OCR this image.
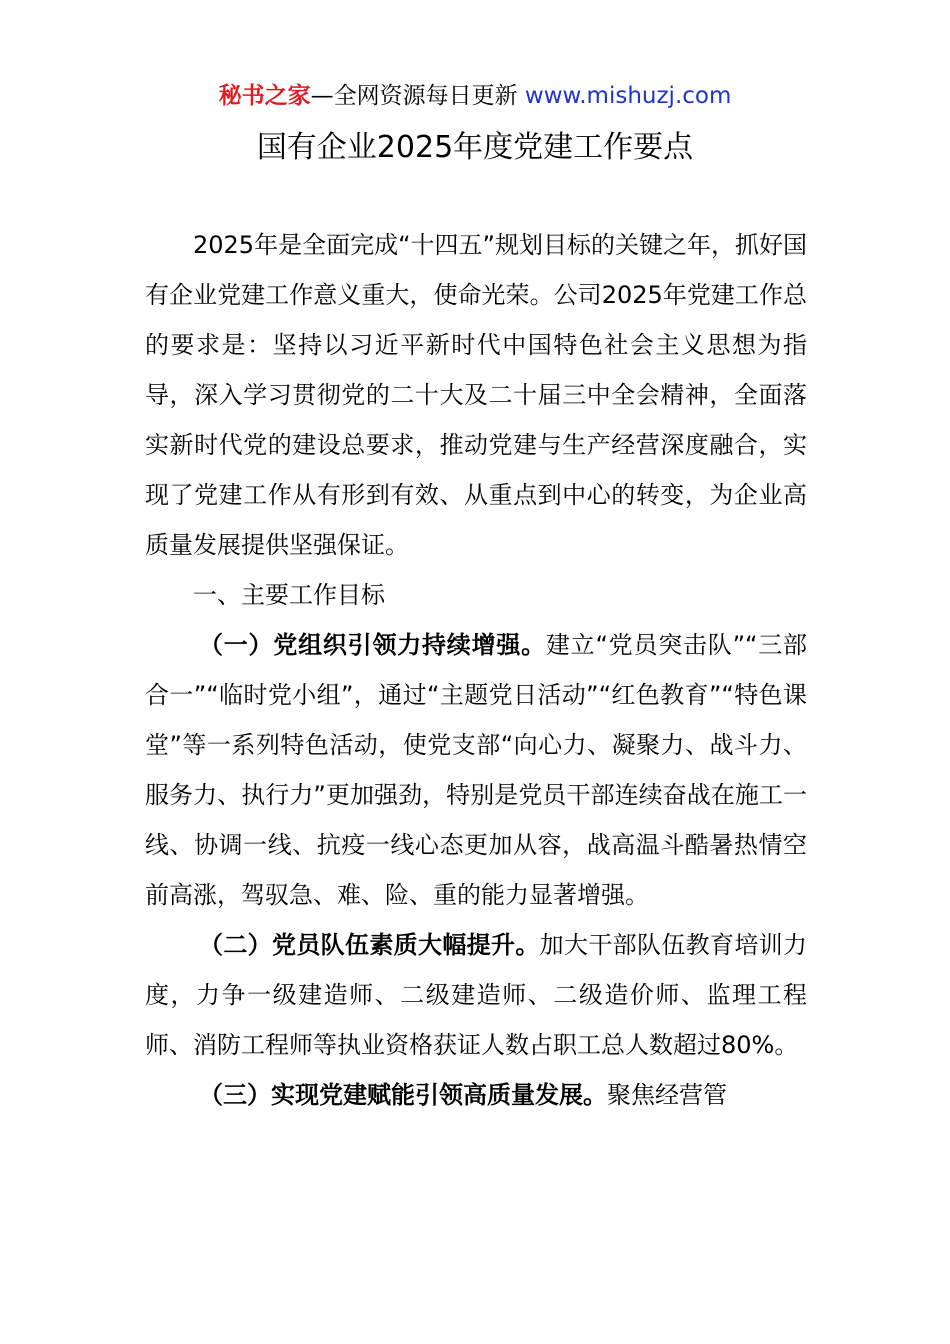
秘书之家—全网资源每日更新 www.mishuzj.com
国有企业2025年度党建工作要点

2025年是全面完成“十四五”规划目标的关键之年，抓好国有企业党建工作意义重大，使命光荣。公司2025年党建工作总的要求是：坚持以习近平新时代中国特色社会主义思想为指导，深入学习贯彻党的二十大及二十届三中全会精神，全面落实新时代党的建设总要求，推动党建与生产经营深度融合，实现了党建工作从有形到有效、从重点到中心的转变，为企业高质量发展提供坚强保证。

一、主要工作目标

（一）党组织引领力持续增强。建立“党员突击队”“三部合一”“临时党小组”，通过“主题党日活动”“红色教育”“特色课堂”等一系列特色活动，使党支部“向心力、凝聚力、战斗力、服务力、执行力”更加强劲，特别是党员干部连续奋战在施工一线、协调一线、抗疫一线心态更加从容，战高温斗酷暑热情空前高涨，驾驭急、难、险、重的能力显著增强。

（二）党员队伍素质大幅提升。加大干部队伍教育培训力度，力争一级建造师、二级建造师、二级造价师、监理工程师、消防工程师等执业资格获证人数占职工总人数超过80%。

（三）实现党建赋能引领高质量发展。聚焦经营管
